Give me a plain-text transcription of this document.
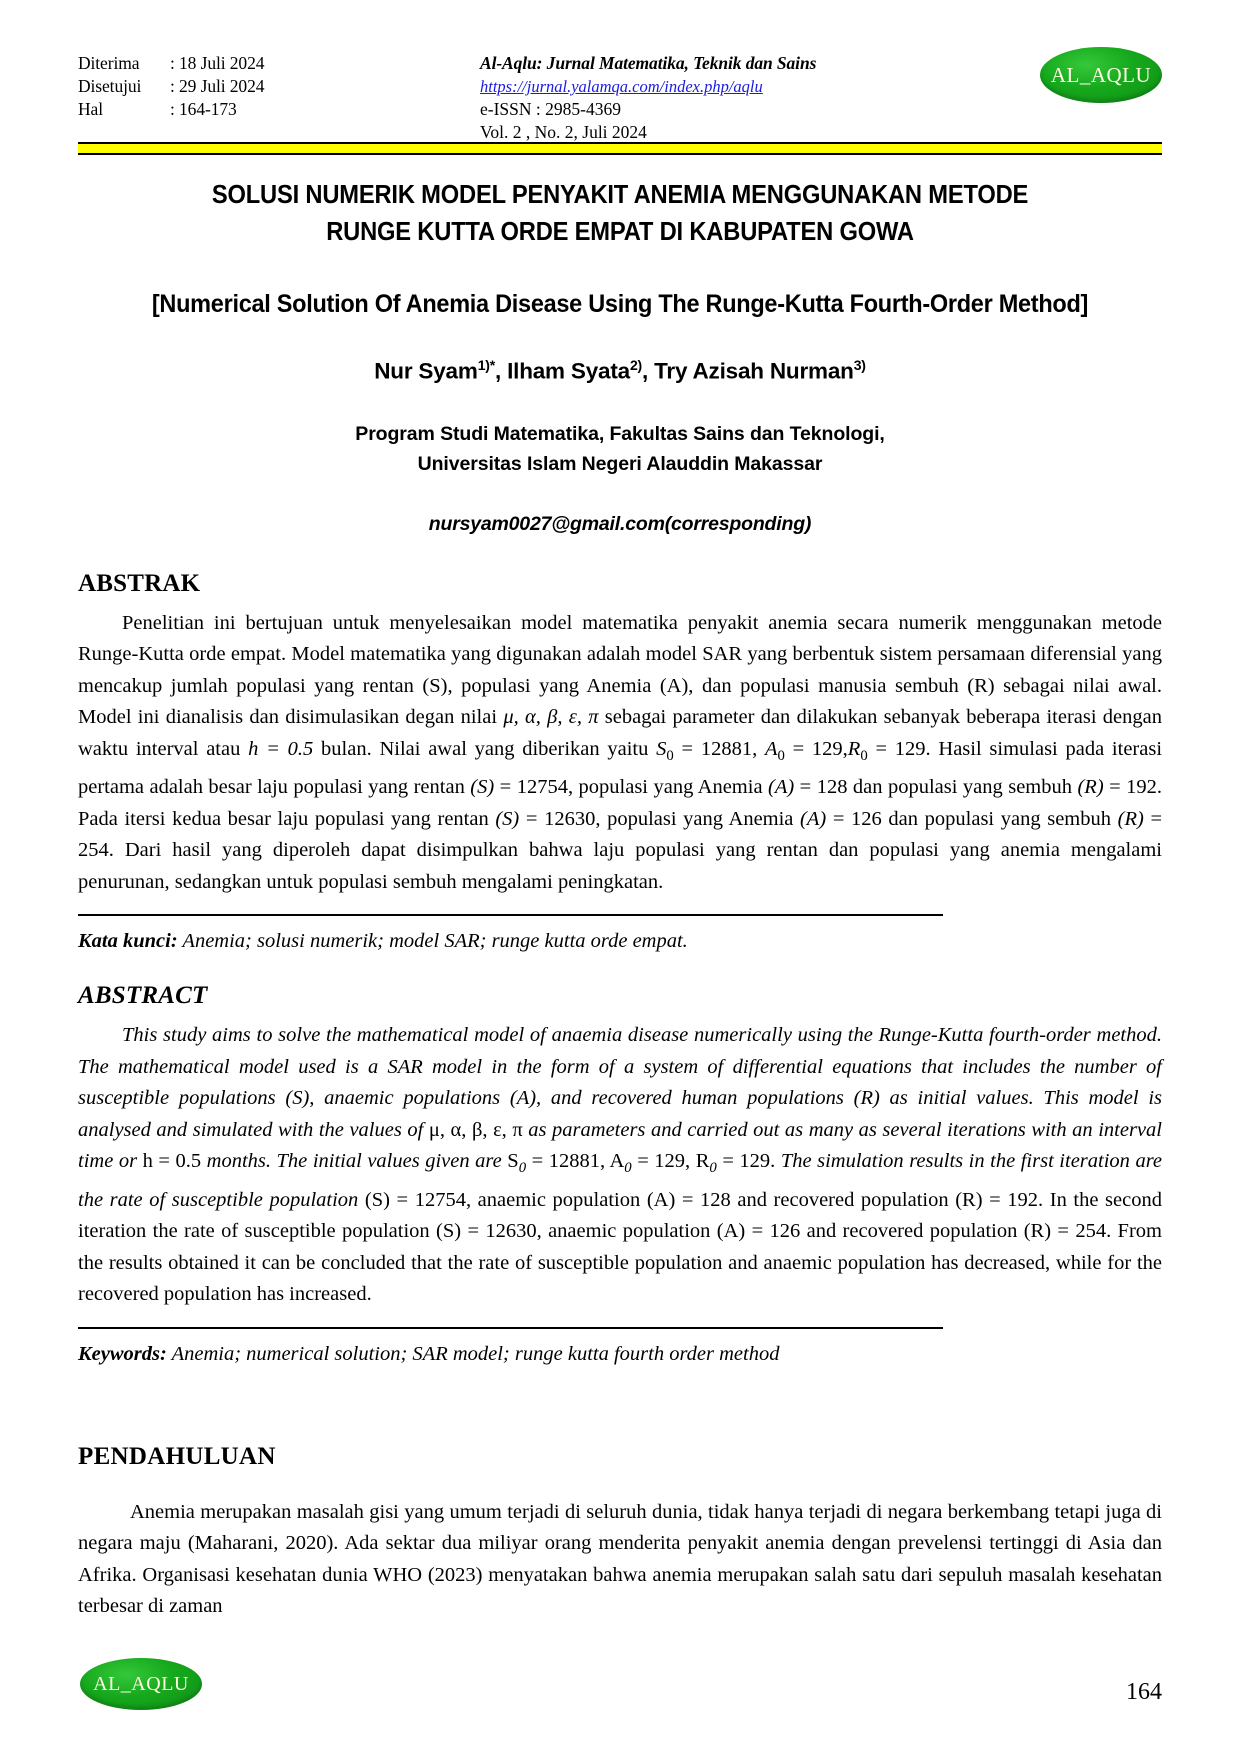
Diterima	: 18 Juli 2024
Disetujui	: 29 Juli 2024
Hal	: 164-173
Al-Aqlu: Jurnal Matematika, Teknik dan Sains
https://jurnal.yalamqa.com/index.php/aqlu
e-ISSN : 2985-4369
Vol. 2 , No. 2, Juli 2024
AL_AQLU
SOLUSI NUMERIK MODEL PENYAKIT ANEMIA MENGGUNAKAN METODE
RUNGE KUTTA ORDE EMPAT DI KABUPATEN GOWA
[Numerical Solution Of Anemia Disease Using The Runge-Kutta Fourth-Order Method]
Nur Syam$^{1)*}$, Ilham Syata$^{2)}$, Try Azisah Nurman$^{3)}$
Program Studi Matematika, Fakultas Sains dan Teknologi,
Universitas Islam Negeri Alauddin Makassar
nursyam0027@gmail.com(corresponding)
ABSTRAK
Penelitian ini bertujuan untuk menyelesaikan model matematika penyakit anemia secara numerik menggunakan metode Runge-Kutta orde empat. Model matematika yang digunakan adalah model SAR yang berbentuk sistem persamaan diferensial yang mencakup jumlah populasi yang rentan (S), populasi yang Anemia (A), dan populasi manusia sembuh (R) sebagai nilai awal. Model ini dianalisis dan disimulasikan degan nilai μ, α, β, ε, π sebagai parameter dan dilakukan sebanyak beberapa iterasi dengan waktu interval atau h = 0.5 bulan. Nilai awal yang diberikan yaitu $S_0 = 12881$, $A_0 = 129,R_0 = 129$. Hasil simulasi pada iterasi pertama adalah besar laju populasi yang rentan (S) = 12754, populasi yang Anemia (A) = 128 dan populasi yang sembuh (R) = 192. Pada itersi kedua besar laju populasi yang rentan (S) = 12630, populasi yang Anemia (A) = 126 dan populasi yang sembuh (R) = 254. Dari hasil yang diperoleh dapat disimpulkan bahwa laju populasi yang rentan dan populasi yang anemia mengalami penurunan, sedangkan untuk populasi sembuh mengalami peningkatan.
Kata kunci: Anemia; solusi numerik; model SAR; runge kutta orde empat.
ABSTRACT
This study aims to solve the mathematical model of anaemia disease numerically using the Runge-Kutta fourth-order method. The mathematical model used is a SAR model in the form of a system of differential equations that includes the number of susceptible populations (S), anaemic populations (A), and recovered human populations (R) as initial values. This model is analysed and simulated with the values of μ, α, β, ε, π as parameters and carried out as many as several iterations with an interval time or h = 0.5 months. The initial values given are $S_0 = 12881$, $A_0 = 129$, $R_0 = 129$. The simulation results in the first iteration are the rate of susceptible population (S) = 12754, anaemic population (A) = 128 and recovered population (R) = 192. In the second iteration the rate of susceptible population (S) = 12630, anaemic population (A) = 126 and recovered population (R) = 254. From the results obtained it can be concluded that the rate of susceptible population and anaemic population has decreased, while for the recovered population has increased.
Keywords: Anemia; numerical solution; SAR model; runge kutta fourth order method
PENDAHULUAN
Anemia merupakan masalah gisi yang umum terjadi di seluruh dunia, tidak hanya terjadi di negara berkembang tetapi juga di negara maju (Maharani, 2020). Ada sektar dua miliyar orang menderita penyakit anemia dengan prevelensi tertinggi di Asia dan Afrika. Organisasi kesehatan dunia WHO (2023) menyatakan bahwa anemia merupakan salah satu dari sepuluh masalah kesehatan terbesar di zaman
AL_AQLU	164
